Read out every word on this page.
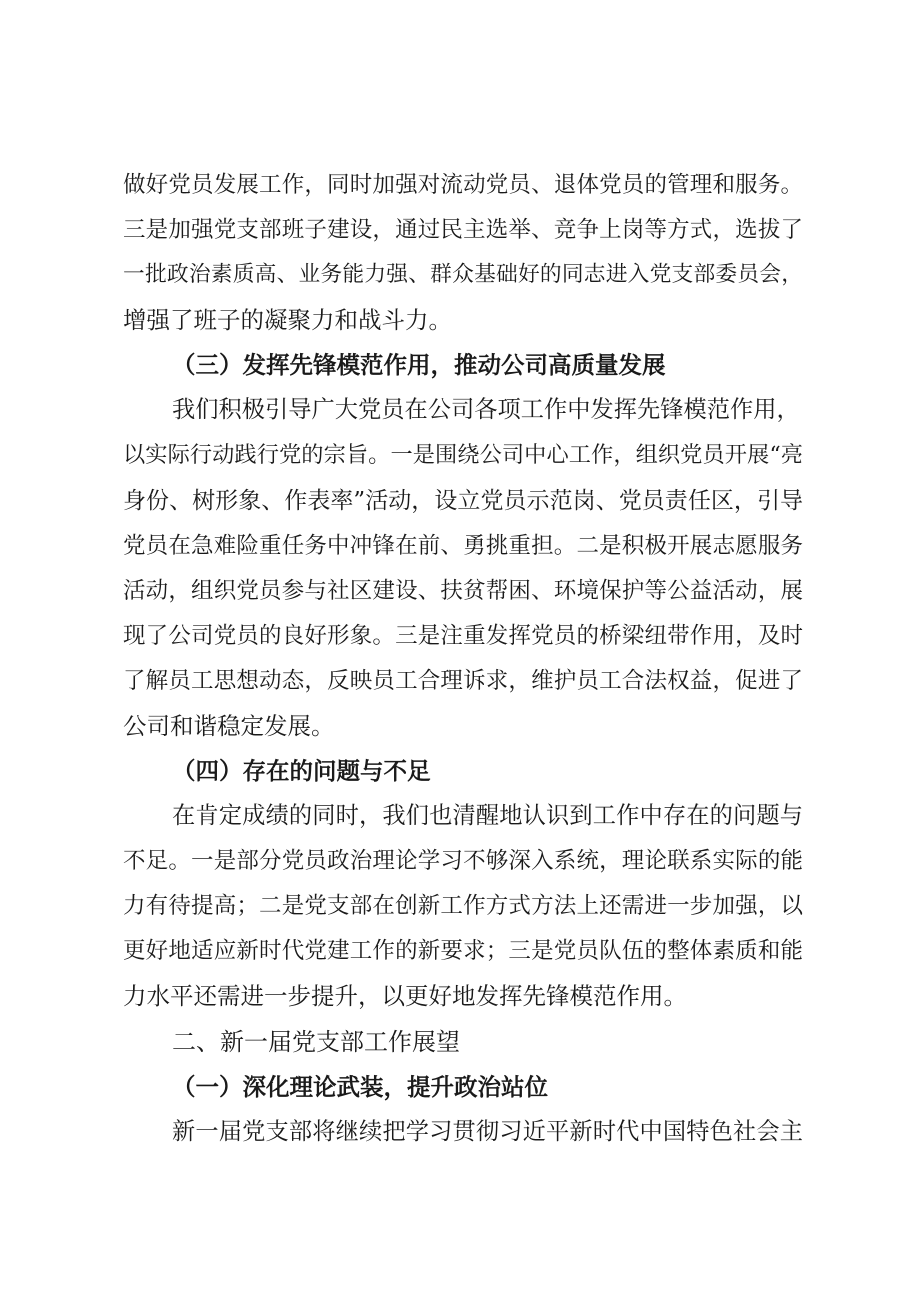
做好党员发展工作，同时加强对流动党员、退体党员的管理和服务。
三是加强党支部班子建设，通过民主选举、竞争上岗等方式，选拔了
一批政治素质高、业务能力强、群众基础好的同志进入党支部委员会，
增强了班子的凝聚力和战斗力。
（三）发挥先锋模范作用，推动公司高质量发展
我们积极引导广大党员在公司各项工作中发挥先锋模范作用，
以实际行动践行党的宗旨。一是围绕公司中心工作，组织党员开展“亮
身份、树形象、作表率”活动，设立党员示范岗、党员责任区，引导
党员在急难险重任务中冲锋在前、勇挑重担。二是积极开展志愿服务
活动，组织党员参与社区建设、扶贫帮困、环境保护等公益活动，展
现了公司党员的良好形象。三是注重发挥党员的桥梁纽带作用，及时
了解员工思想动态，反映员工合理诉求，维护员工合法权益，促进了
公司和谐稳定发展。
（四）存在的问题与不足
在肯定成绩的同时，我们也清醒地认识到工作中存在的问题与
不足。一是部分党员政治理论学习不够深入系统，理论联系实际的能
力有待提高；二是党支部在创新工作方式方法上还需进一步加强，以
更好地适应新时代党建工作的新要求；三是党员队伍的整体素质和能
力水平还需进一步提升，以更好地发挥先锋模范作用。
二、新一届党支部工作展望
（一）深化理论武装，提升政治站位
新一届党支部将继续把学习贯彻习近平新时代中国特色社会主
